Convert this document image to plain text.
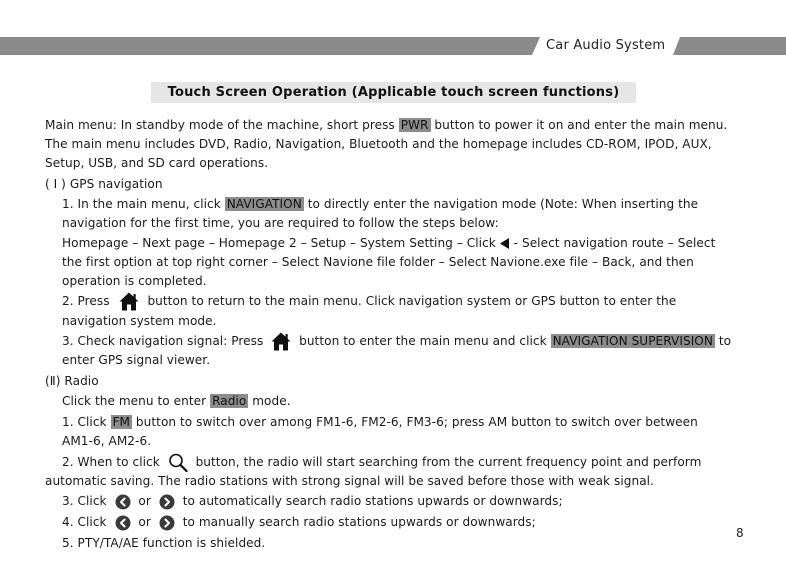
Car Audio System
Touch Screen Operation (Applicable touch screen functions)
Main menu: In standby mode of the machine, short press PWR button to power it on and enter the main menu.
The main menu includes DVD, Radio, Navigation, Bluetooth and the homepage includes CD-ROM, IPOD, AUX,
Setup, USB, and SD card operations.
( I ) GPS navigation
1. In the main menu, click NAVIGATION to directly enter the navigation mode (Note: When inserting the
navigation for the first time, you are required to follow the steps below:
Homepage – Next page – Homepage 2 – Setup – System Setting – Click - Select navigation route – Select
the first option at top right corner – Select Navione file folder – Select Navione.exe file – Back, and then
operation is completed.
2. Press	button to return to the main menu. Click navigation system or GPS button to enter the
navigation system mode.
3. Check navigation signal: Press	button to enter the main menu and click NAVIGATION SUPERVISION to
enter GPS signal viewer.
(Ⅱ) Radio
Click the menu to enter Radio mode.
1. Click FM button to switch over among FM1-6, FM2-6, FM3-6; press AM button to switch over between
AM1-6, AM2-6.
2. When to click	button, the radio will start searching from the current frequency point and perform
automatic saving. The radio stations with strong signal will be saved before those with weak signal.
3. Click	or	to automatically search radio stations upwards or downwards;
4. Click	or	to manually search radio stations upwards or downwards;
5. PTY/TA/AE function is shielded.
8
